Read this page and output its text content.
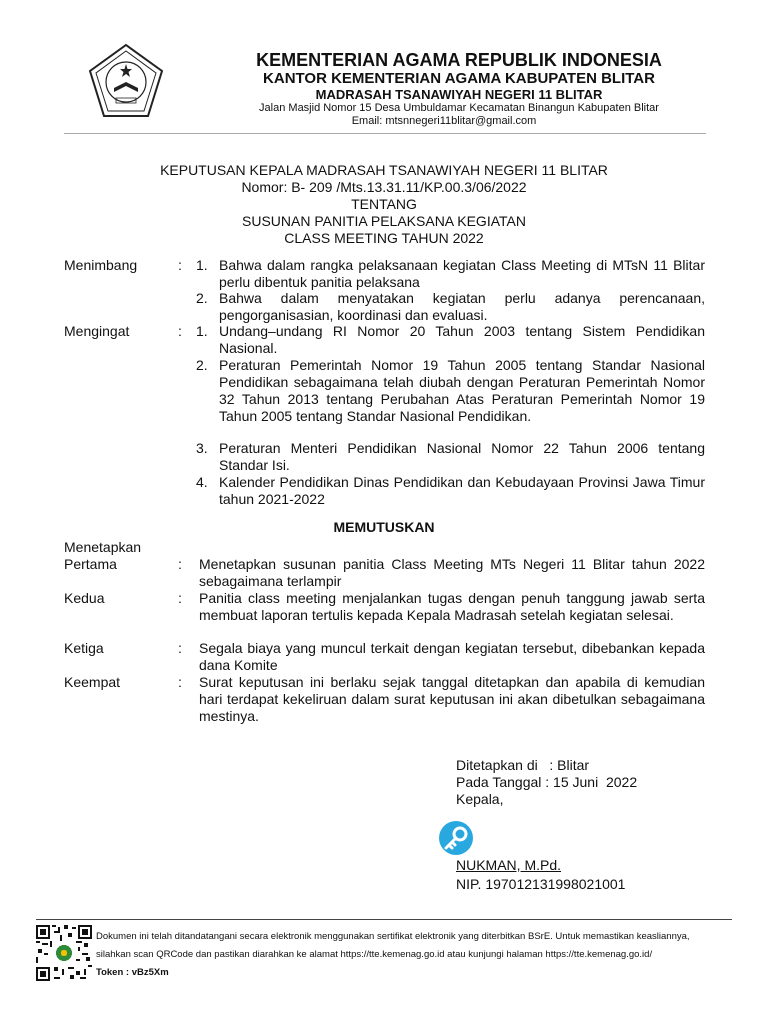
KEMENTERIAN AGAMA REPUBLIK INDONESIA
KANTOR KEMENTERIAN AGAMA KABUPATEN BLITAR
MADRASAH TSANAWIYAH NEGERI 11 BLITAR
Jalan Masjid Nomor 15 Desa Umbuldamar Kecamatan Binangun Kabupaten Blitar
Email: mtsnnegeri11blitar@gmail.com
KEPUTUSAN KEPALA MADRASAH TSANAWIYAH NEGERI 11 BLITAR
Nomor: B- 209 /Mts.13.31.11/KP.00.3/06/2022
TENTANG
SUSUNAN PANITIA PELAKSANA KEGIATAN
CLASS MEETING TAHUN 2022
Menimbang	: 1. Bahwa dalam rangka pelaksanaan kegiatan Class Meeting di MTsN 11 Blitar perlu dibentuk panitia pelaksana
2. Bahwa dalam menyatakan kegiatan perlu adanya perencanaan, pengorganisasian, koordinasi dan evaluasi.
Mengingat	: 1. Undang–undang RI Nomor 20 Tahun 2003 tentang Sistem Pendidikan Nasional.
2. Peraturan Pemerintah Nomor 19 Tahun 2005 tentang Standar Nasional Pendidikan sebagaimana telah diubah dengan Peraturan Pemerintah Nomor 32 Tahun 2013 tentang Perubahan Atas Peraturan Pemerintah Nomor 19 Tahun 2005 tentang Standar Nasional Pendidikan.
3. Peraturan Menteri Pendidikan Nasional Nomor 22 Tahun 2006 tentang Standar Isi.
4. Kalender Pendidikan Dinas Pendidikan dan Kebudayaan Provinsi Jawa Timur tahun 2021-2022
MEMUTUSKAN
Menetapkan
Pertama	: Menetapkan susunan panitia Class Meeting MTs Negeri 11 Blitar tahun 2022 sebagaimana terlampir
Kedua	: Panitia class meeting menjalankan tugas dengan penuh tanggung jawab serta membuat laporan tertulis kepada Kepala Madrasah setelah kegiatan selesai.
Ketiga	: Segala biaya yang muncul terkait dengan kegiatan tersebut, dibebankan kepada dana Komite
Keempat	: Surat keputusan ini berlaku sejak tanggal ditetapkan dan apabila di kemudian hari terdapat kekeliruan dalam surat keputusan ini akan dibetulkan sebagaimana mestinya.
Ditetapkan di   : Blitar
Pada Tanggal : 15 Juni  2022
Kepala,
NUKMAN, M.Pd.
NIP. 197012131998021001
Dokumen ini telah ditandatangani secara elektronik menggunakan sertifikat elektronik yang diterbitkan BSrE. Untuk memastikan keasliannya,
silahkan scan QRCode dan pastikan diarahkan ke alamat https://tte.kemenag.go.id atau kunjungi halaman https://tte.kemenag.go.id/
Token : vBz5Xm
